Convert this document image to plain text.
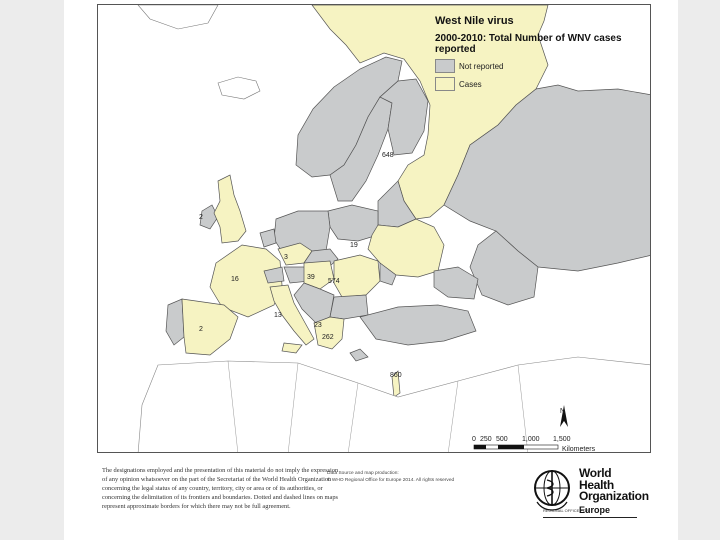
648
2
3
19
16	39
574
2
13
23
262
860
N
0 250 500 1,000 1,500
Kilometers
West Nile virus
2000-2010: Total Number of WNV cases reported
Not reported
Cases
The designations employed and the presentation of this material do not imply the expression of any opinion whatsoever on the part of the Secretariat of the World Health Organization concerning the legal status of any country, territory, city or area or of its authorities, or concerning the delimitation of its frontiers and boundaries. Dotted and dashed lines on maps represent approximate borders for which there may not be full agreement.
Data Source and map production:
© WHO Regional Office for Europe 2014. All rights reserved
World Health
Organization
REGIONAL OFFICE FOR
Europe
